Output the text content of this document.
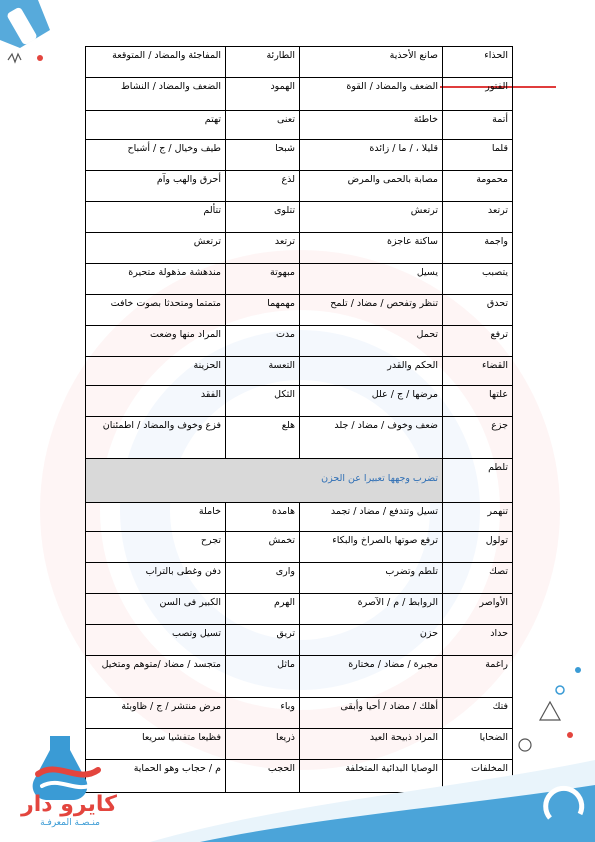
الحذاء	صانع الأحذية	الطارئة	المفاجئة والمضاد / المتوقعة
الفتور	الضعف والمضاد / القوة	الهمود	الضعف والمضاد / النشاط
أتمة	خاطئة	تعنى	تهتم
قلما	قليلا ، / ما / زائدة	شبحا	طيف وخيال / ج / أشباح
محمومة	مصابة بالحمى والمرض	لذع	أحرق والهب وآم
ترتعد	ترتعش	تتلوى	تتألم
واجمة	ساكتة عاجزة	ترتعد	ترتعش
يتصبب	يسيل	مبهوتة	مندهشة مذهولة متحيرة
تحدق	تنظر وتفحص / مضاد / تلمح	مهمهما	متمتما ومتحدثا بصوت خافت
ترفع	تحمل	مدت	المراد منها وضعت
القضاء	الحكم والقدر	التعسة	الحزينة
علتها	مرضها / ج / علل	الثكل	الفقد
جزع	ضعف وخوف / مضاد / جلد	هلع	فزع وخوف والمضاد / اطمئنان
تلطم	تضرب وجهها تعبيرا عن الحزن		
تنهمر	تسيل وتتدفع / مضاد / تجمد	هامدة	خاملة
تولول	ترفع صوتها بالصراخ والبكاء	تخمش	تجرح
تصك	تلطم وتضرب	وارى	دفن وغطى بالتراب
الأواصر	الروابط / م / الآصرة	الهرم	الكبير فى السن
حداد	حزن	تريق	تسيل وتصب
راغمة	مجبرة / مضاد / مختارة	ماثل	متجسد / مضاد /متوهم ومتخيل
فتك	أهلك / مضاد / أحيا وأبقى	وباء	مرض منتشر / ج / ظاوبئة
الضحايا	المراد ذبيحة العيد	ذريعا	فظيعا متفشيا سريعا
المخلفات	الوصايا البدائية المتخلفة	الحجب	م / حجاب وهو الحماية
كايرو دار
منـصـة المعرفـة
